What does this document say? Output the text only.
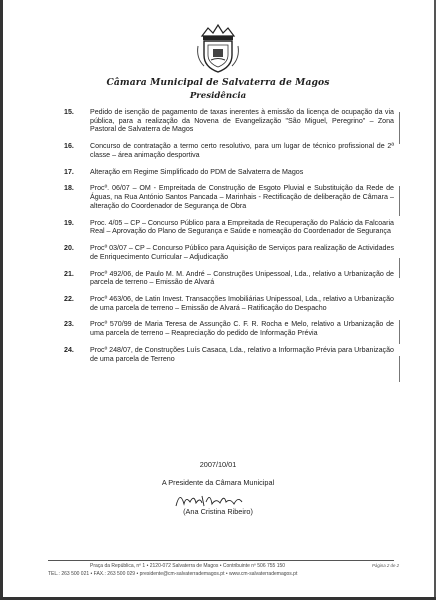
Câmara Municipal de Salvaterra de Magos
Presidência
15.	Pedido de isenção de pagamento de taxas inerentes à emissão da licença de ocupação da via pública, para a realização da Novena de Evangelização "São Miguel, Peregrino" – Zona Pastoral de Salvaterra de Magos
16.	Concurso de contratação a termo certo resolutivo, para um lugar de técnico profissional de 2ª classe – área animação desportiva
17.	Alteração em Regime Simplificado do PDM de Salvaterra de Magos
18.	Procº. 06/07 – OM - Empreitada de Construção de Esgoto Pluvial e Substituição da Rede de Águas, na Rua António Santos Pancada – Marinhais - Rectificação de deliberação de Câmara – alteração do Coordenador de Segurança de Obra
19.	Proc. 4/05 – CP – Concurso Público para a Empreitada de Recuperação do Palácio da Falcoaria Real – Aprovação do Plano de Segurança e Saúde e nomeação do Coordenador de Segurança
20.	Procº 03/07 – CP – Concurso Público para Aquisição de Serviços para realização de Actividades de Enriquecimento Curricular – Adjudicação
21.	Procº 492/06, de Paulo M. M. André – Construções Unipessoal, Lda., relativo a Urbanização de parcela de terreno – Emissão de Alvará
22.	Procº 463/06, de Latin Invest. Transacções Imobiliárias Unipessoal, Lda., relativo a Urbanização de uma parcela de terreno – Emissão de Alvará – Ratificação do Despacho
23.	Procº 570/99 de Maria Teresa de Assunção C. F. R. Rocha e Melo, relativo a Urbanização de uma parcela de terreno – Reapreciação do pedido de Informação Prévia
24.	Procº 248/07, de Construções Luís Casaca, Lda., relativo a Informação Prévia para Urbanização de uma parcela de Terreno
2007/10/01
A Presidente da Câmara Municipal
(Ana Cristina Ribeiro)
Praça da República, nº 1 • 2120-072 Salvaterra de Magos • Contribuinte nº 506 755 150	Página 2 de 2
TEL.: 263 500 021 • FAX.: 263 500 029 • presidente@cm-salvaterrademagos.pt • www.cm-salvaterrademagos.pt
